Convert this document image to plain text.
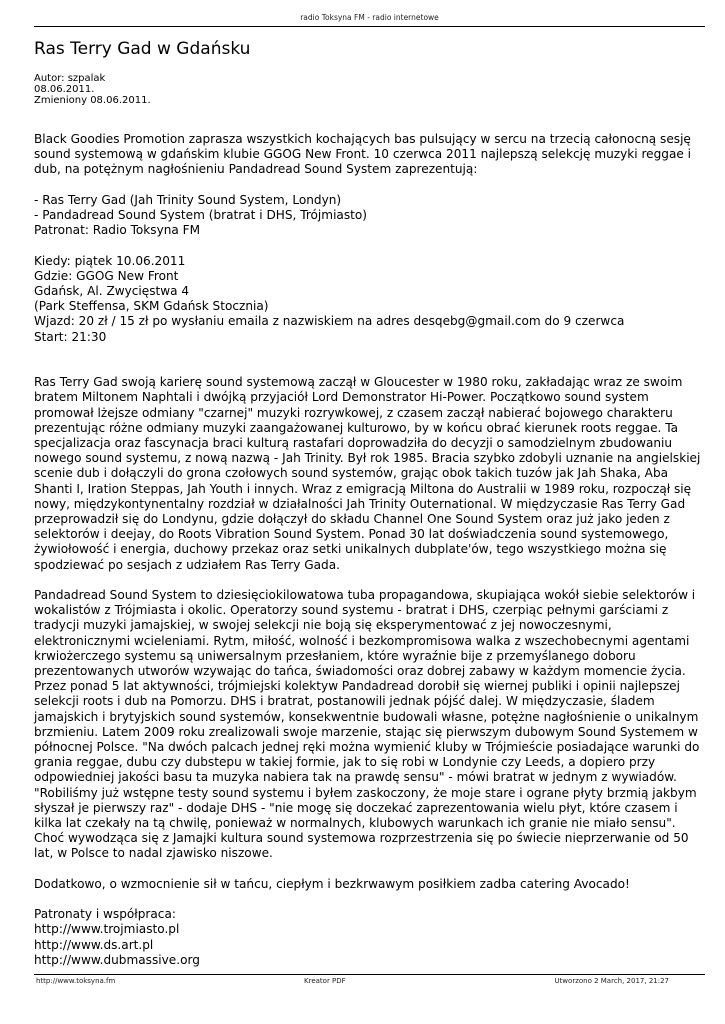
radio Toksyna FM - radio internetowe
Ras Terry Gad w Gdańsku
Autor: szpalak
08.06.2011.
Zmieniony 08.06.2011.

Black Goodies Promotion zaprasza wszystkich kochających bas pulsujący w sercu na trzecią całonocną sesję sound systemową w gdańskim klubie GGOG New Front. 10 czerwca 2011 najlepszą selekcję muzyki reggae i dub, na potężnym nagłośnieniu Pandadread Sound System zaprezentują:

- Ras Terry Gad (Jah Trinity Sound System, Londyn)

- Pandadread Sound System (bratrat i DHS, Trójmiasto)

Patronat: Radio Toksyna FM

Kiedy: piątek 10.06.2011

Gdzie: GGOG New Front

Gdańsk, Al. Zwycięstwa 4

(Park Steffensa, SKM Gdańsk Stocznia)

Wjazd: 20 zł / 15 zł po wysłaniu emaila z nazwiskiem na adres desqebg@gmail.com do 9 czerwca

Start: 21:30

Ras Terry Gad swoją karierę sound systemową zaczął w Gloucester w 1980 roku, zakładając wraz ze swoim bratem Miltonem Naphtali i dwójką przyjaciół Lord Demonstrator Hi-Power. Początkowo sound system promował lżejsze odmiany "czarnej" muzyki rozrywkowej, z czasem zaczął nabierać bojowego charakteru prezentując różne odmiany muzyki zaangażowanej kulturowo, by w końcu obrać kierunek roots reggae. Ta specjalizacja oraz fascynacja braci kulturą rastafari doprowadziła do decyzji o samodzielnym zbudowaniu nowego sound systemu, z nową nazwą - Jah Trinity. Był rok 1985. Bracia szybko zdobyli uznanie na angielskiej scenie dub i dołączyli do grona czołowych sound systemów, grając obok takich tuzów jak Jah Shaka, Aba Shanti I, Iration Steppas, Jah Youth i innych. Wraz z emigracją Miltona do Australii w 1989 roku, rozpoczął się nowy, międzykontynentalny rozdział w działalności Jah Trinity Outernational. W międzyczasie Ras Terry Gad przeprowadził się do Londynu, gdzie dołączył do składu Channel One Sound System oraz już jako jeden z selektorów i deejay, do Roots Vibration Sound System. Ponad 30 lat doświadczenia sound systemowego, żywiołowość i energia, duchowy przekaz oraz setki unikalnych dubplate'ów, tego wszystkiego można się spodziewać po sesjach z udziałem Ras Terry Gada.

Pandadread Sound System to dziesięciokilowatowa tuba propagandowa, skupiająca wokół siebie selektorów i wokalistów z Trójmiasta i okolic. Operatorzy sound systemu - bratrat i DHS, czerpiąc pełnymi garściami z tradycji muzyki jamajskiej, w swojej selekcji nie boją się eksperymentować z jej nowoczesnymi, elektronicznymi wcieleniami. Rytm, miłość, wolność i bezkompromisowa walka z wszechobecnymi agentami krwiożerczego systemu są uniwersalnym przesłaniem, które wyraźnie bije z przemyślanego doboru prezentowanych utworów wzywając do tańca, świadomości oraz dobrej zabawy w każdym momencie życia. Przez ponad 5 lat aktywności, trójmiejski kolektyw Pandadread dorobił się wiernej publiki i opinii najlepszej selekcji roots i dub na Pomorzu. DHS i bratrat, postanowili jednak pójść dalej. W międzyczasie, śladem jamajskich i brytyjskich sound systemów, konsekwentnie budowali własne, potężne nagłośnienie o unikalnym brzmieniu. Latem 2009 roku zrealizowali swoje marzenie, stając się pierwszym dubowym Sound Systemem w północnej Polsce. "Na dwóch palcach jednej ręki można wymienić kluby w Trójmieście posiadające warunki do grania reggae, dubu czy dubstepu w takiej formie, jak to się robi w Londynie czy Leeds, a dopiero przy odpowiedniej jakości basu ta muzyka nabiera tak na prawdę sensu" - mówi bratrat w jednym z wywiadów. "Robiliśmy już wstępne testy sound systemu i byłem zaskoczony, że moje stare i ograne płyty brzmią jakbym słyszał je pierwszy raz" - dodaje DHS - "nie mogę się doczekać zaprezentowania wielu płyt, które czasem i kilka lat czekały na tą chwilę, ponieważ w normalnych, klubowych warunkach ich granie nie miało sensu". Choć wywodząca się z Jamajki kultura sound systemowa rozprzestrzenia się po świecie nieprzerwanie od 50 lat, w Polsce to nadal zjawisko niszowe.

Dodatkowo, o wzmocnienie sił w tańcu, ciepłym i bezkrwawym posiłkiem zadba catering Avocado!

Patronaty i współpraca:

http://www.trojmiasto.pl

http://www.ds.art.pl

http://www.dubmassive.org

http://www.toksyna.fm	Kreator PDF	Utworzono 2 March, 2017, 21:27
